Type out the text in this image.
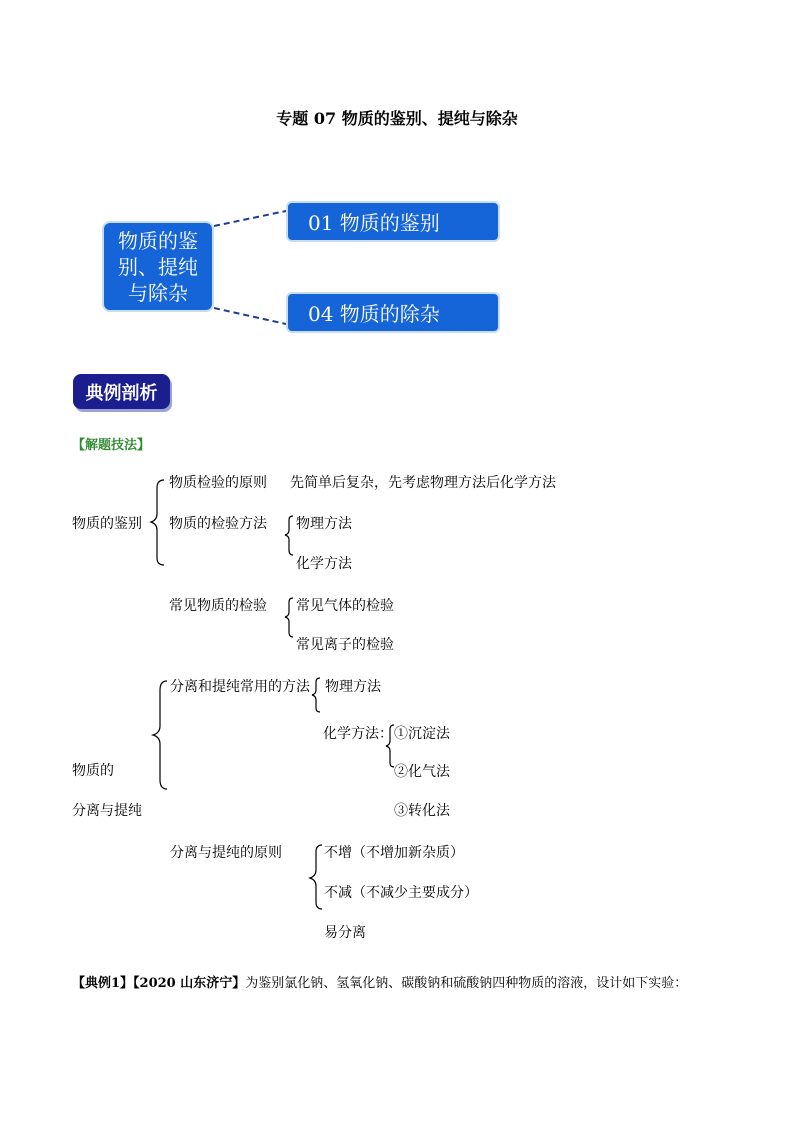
专题 07 物质的鉴别、提纯与除杂
物质的鉴别、提纯与除杂
01 物质的鉴别
04 物质的除杂
典例剖析
【解题技法】
物质的鉴别
物质检验的原则 先简单后复杂，先考虑物理方法后化学方法
物质的检验方法 物理方法
化学方法
常见物质的检验 常见气体的检验
常见离子的检验
物质的
分离与提纯
分离和提纯常用的方法 物理方法
化学方法： ①沉淀法
②化气法
③转化法
分离与提纯的原则	不增（不增加新杂质）
不减（不减少主要成分）
易分离
【典例1】【2020 山东济宁】为鉴别氯化钠、氢氧化钠、碳酸钠和硫酸钠四种物质的溶液，设计如下实验：
